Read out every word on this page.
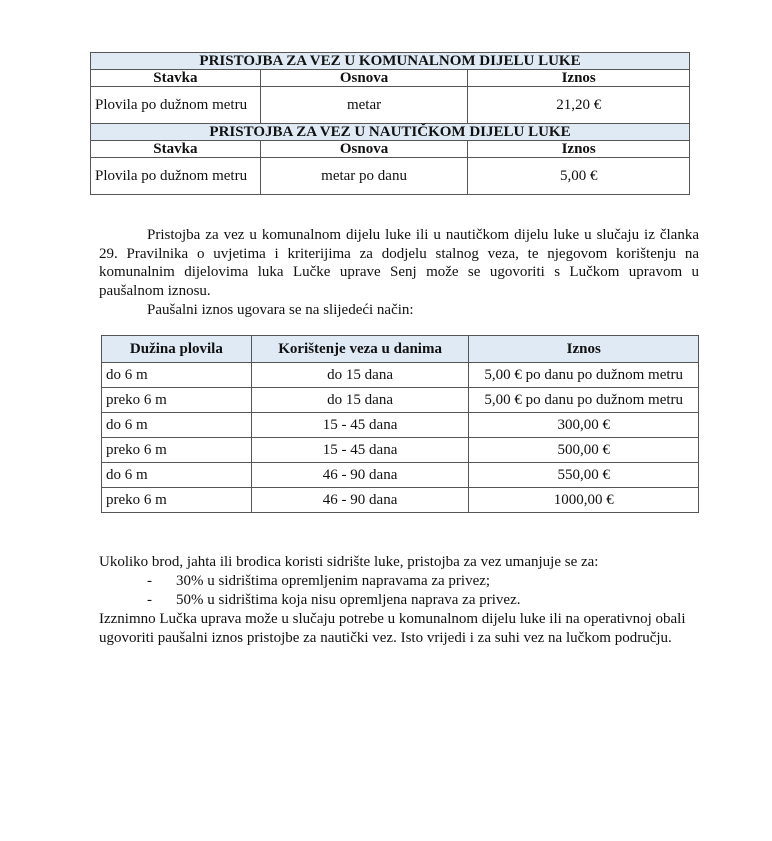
PRISTOJBA ZA VEZ U KOMUNALNOM DIJELU LUKE		
Stavka	Osnova	Iznos
Plovila po dužnom metru	metar	21,20 €
PRISTOJBA ZA VEZ U NAUTIČKOM DIJELU LUKE		
Stavka	Osnova	Iznos
Plovila po dužnom metru	metar po danu	5,00 €

Pristojba za vez u komunalnom dijelu luke ili u nautičkom dijelu luke u slučaju iz članka 29. Pravilnika o uvjetima i kriterijima za dodjelu stalnog veza, te njegovom korištenju na komunalnim dijelovima luka Lučke uprave Senj može se ugovoriti s Lučkom upravom u paušalnom iznosu.

Paušalni iznos ugovara se na slijedeći način:

Dužina plovila	Korištenje veza u danima	Iznos
do 6 m	do 15 dana	5,00 € po danu po dužnom metru
preko 6 m	do 15 dana	5,00 € po danu po dužnom metru
do 6 m	15 - 45 dana	300,00 €
preko 6 m	15 - 45 dana	500,00 €
do 6 m	46 - 90 dana	550,00 €
preko 6 m	46 - 90 dana	1000,00 €

Ukoliko brod, jahta ili brodica koristi sidrište luke, pristojba za vez umanjuje se za:

- 30% u sidrištima opremljenim napravama za privez;
- 50% u sidrištima koja nisu opremljena naprava za privez.

Izznimno Lučka uprava može u slučaju potrebe u komunalnom dijelu luke ili na operativnoj obali ugovoriti paušalni iznos pristojbe za nautički vez. Isto vrijedi i za suhi vez na lučkom području.
